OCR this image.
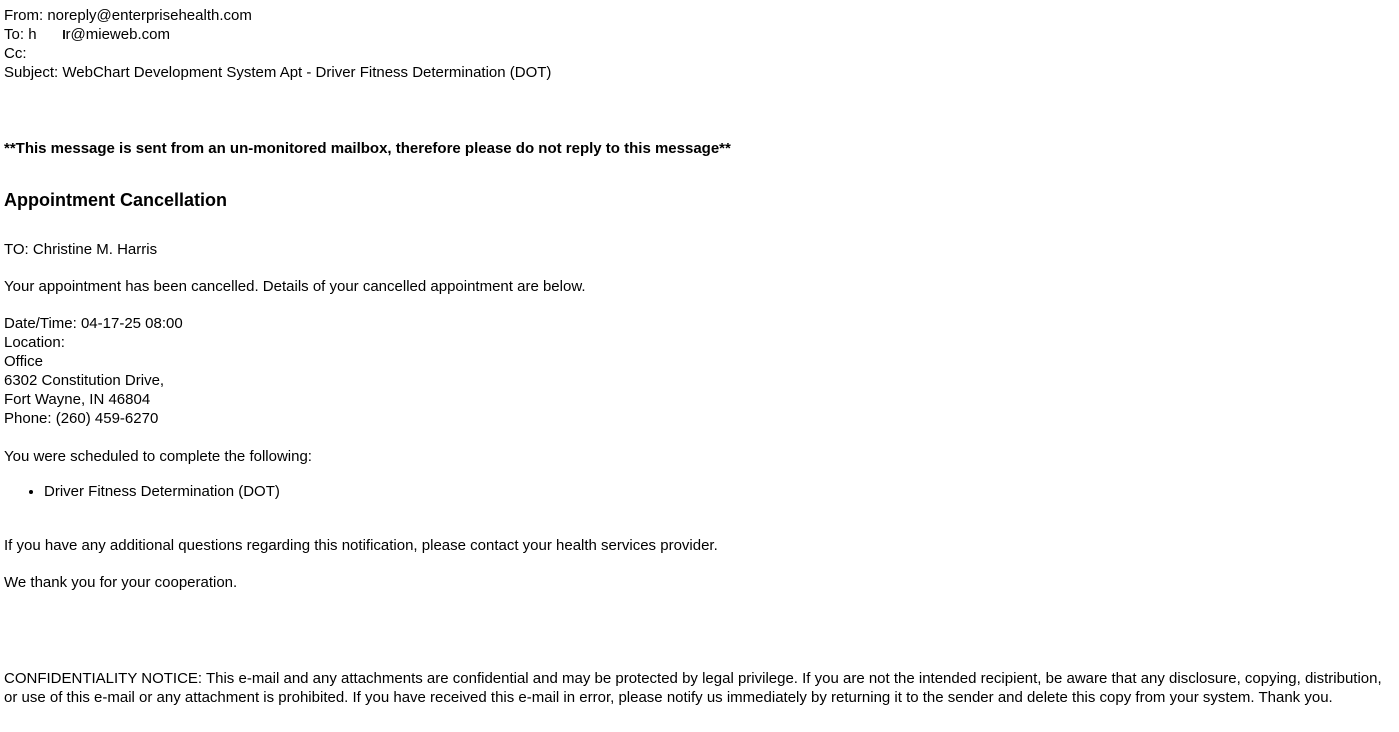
From: noreply@enterprisehealth.com
To: h r@mieweb.com
Cc:
Subject: WebChart Development System Apt - Driver Fitness Determination (DOT)
**This message is sent from an un-monitored mailbox, therefore please do not reply to this message**
Appointment Cancellation
TO: Christine M. Harris
Your appointment has been cancelled. Details of your cancelled appointment are below.
Date/Time: 04-17-25 08:00
Location:
Office
6302 Constitution Drive,
Fort Wayne, IN 46804
Phone: (260) 459-6270
You were scheduled to complete the following:
• Driver Fitness Determination (DOT)
If you have any additional questions regarding this notification, please contact your health services provider.
We thank you for your cooperation.
CONFIDENTIALITY NOTICE: This e-mail and any attachments are confidential and may be protected by legal privilege. If you are not the intended recipient, be aware that any disclosure, copying, distribution, or use of this e-mail or any attachment is prohibited. If you have received this e-mail in error, please notify us immediately by returning it to the sender and delete this copy from your system. Thank you.
